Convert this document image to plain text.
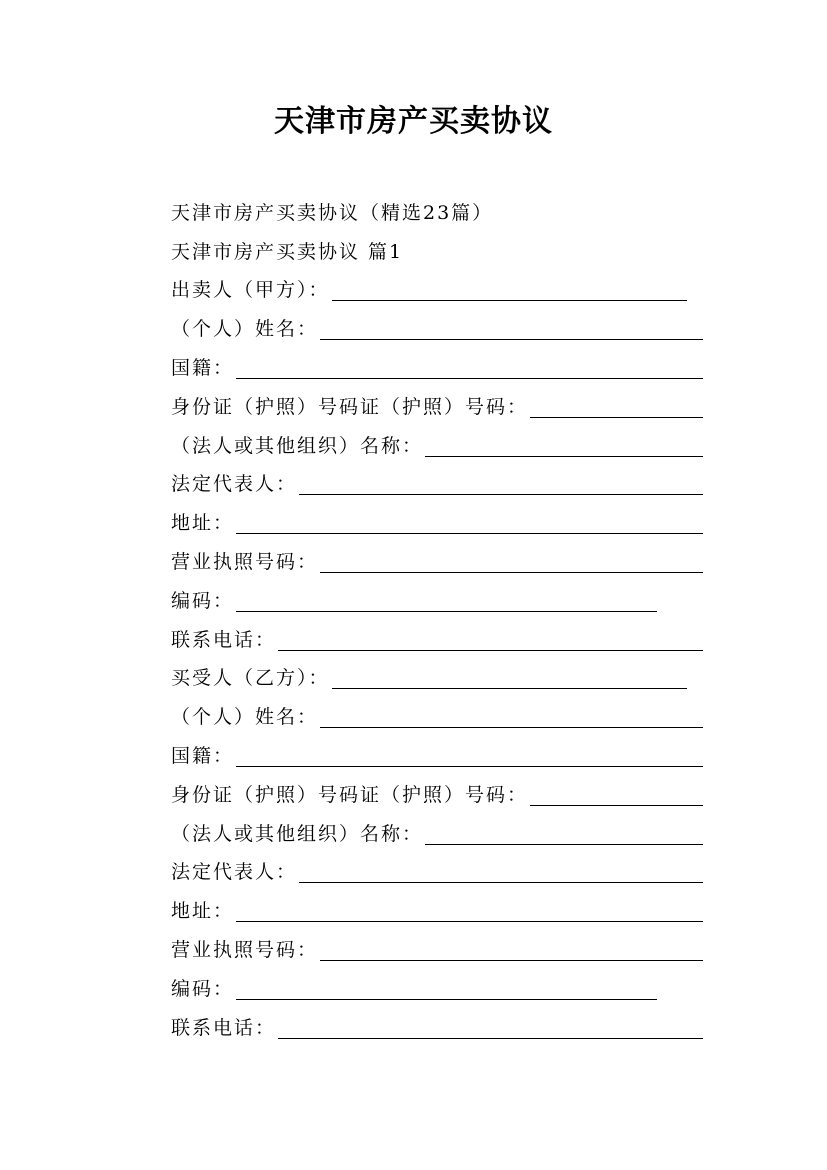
天津市房产买卖协议
天津市房产买卖协议（精选23篇）
天津市房产买卖协议 篇1
出卖人（甲方）：
（个人）姓名：
国籍：
身份证（护照）号码证（护照）号码：
（法人或其他组织）名称：
法定代表人：
地址：
营业执照号码：
编码：
联系电话：
买受人（乙方）：
（个人）姓名：
国籍：
身份证（护照）号码证（护照）号码：
（法人或其他组织）名称：
法定代表人：
地址：
营业执照号码：
编码：
联系电话：
